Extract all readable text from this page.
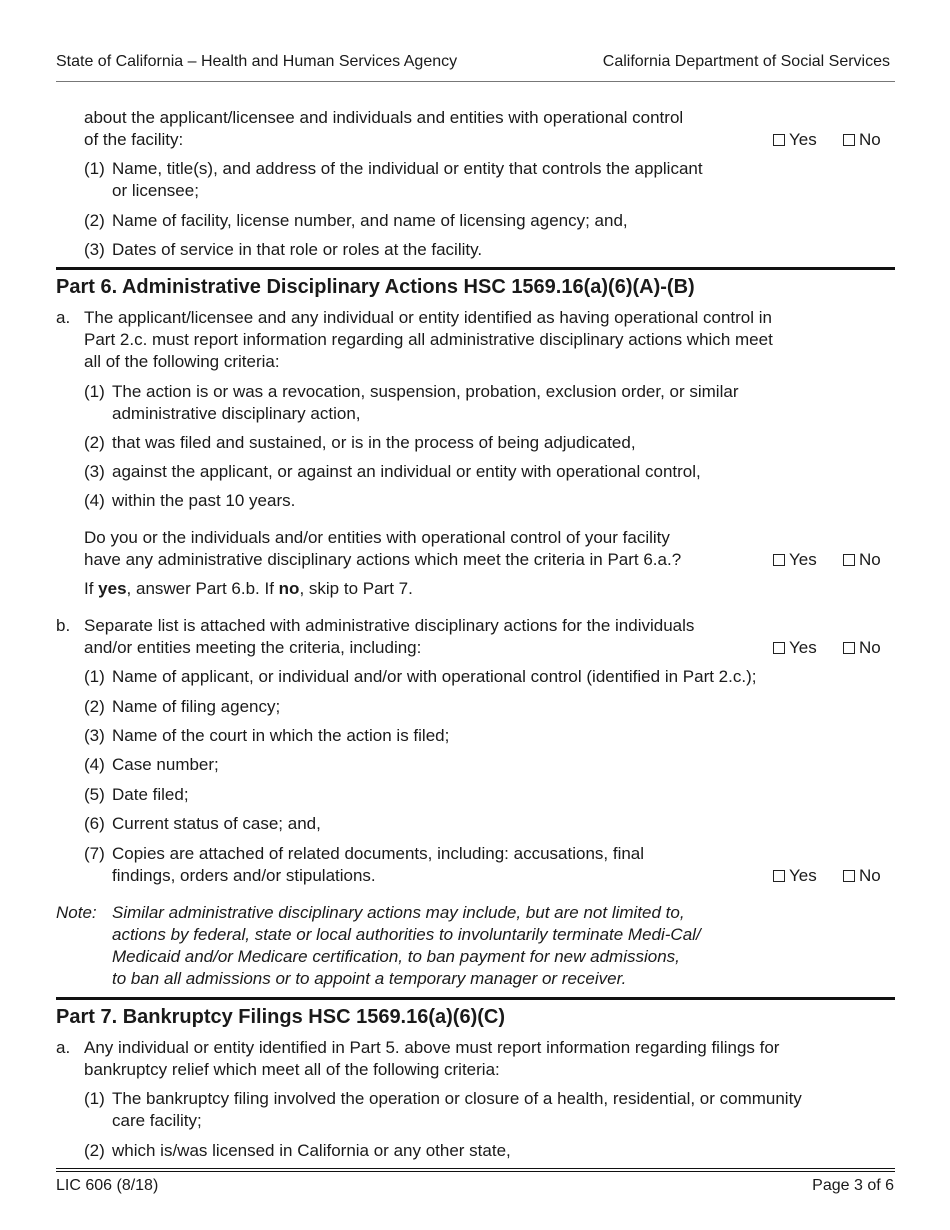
State of California – Health and Human Services Agency	California Department of Social Services
about the applicant/licensee and individuals and entities with operational control
of the facility:	Yes	No
(1) Name, title(s), and address of the individual or entity that controls the applicant
or licensee;
(2) Name of facility, license number, and name of licensing agency; and,
(3) Dates of service in that role or roles at the facility.
Part 6. Administrative Disciplinary Actions HSC 1569.16(a)(6)(A)-(B)
a. The applicant/licensee and any individual or entity identified as having operational control in
Part 2.c. must report information regarding all administrative disciplinary actions which meet
all of the following criteria:
(1) The action is or was a revocation, suspension, probation, exclusion order, or similar
administrative disciplinary action,
(2) that was filed and sustained, or is in the process of being adjudicated,
(3) against the applicant, or against an individual or entity with operational control,
(4) within the past 10 years.
Do you or the individuals and/or entities with operational control of your facility
have any administrative disciplinary actions which meet the criteria in Part 6.a.?	Yes	No
If yes, answer Part 6.b. If no, skip to Part 7.
b. Separate list is attached with administrative disciplinary actions for the individuals
and/or entities meeting the criteria, including:	Yes	No
(1) Name of applicant, or individual and/or with operational control (identified in Part 2.c.);
(2) Name of filing agency;
(3) Name of the court in which the action is filed;
(4) Case number;
(5) Date filed;
(6) Current status of case; and,
(7) Copies are attached of related documents, including: accusations, final
findings, orders and/or stipulations.	Yes	No
Note: Similar administrative disciplinary actions may include, but are not limited to,
actions by federal, state or local authorities to involuntarily terminate Medi-Cal/
Medicaid and/or Medicare certification, to ban payment for new admissions,
to ban all admissions or to appoint a temporary manager or receiver.
Part 7. Bankruptcy Filings HSC 1569.16(a)(6)(C)
a. Any individual or entity identified in Part 5. above must report information regarding filings for
bankruptcy relief which meet all of the following criteria:
(1) The bankruptcy filing involved the operation or closure of a health, residential, or community
care facility;
(2) which is/was licensed in California or any other state,
LIC 606 (8/18)	Page 3 of 6
